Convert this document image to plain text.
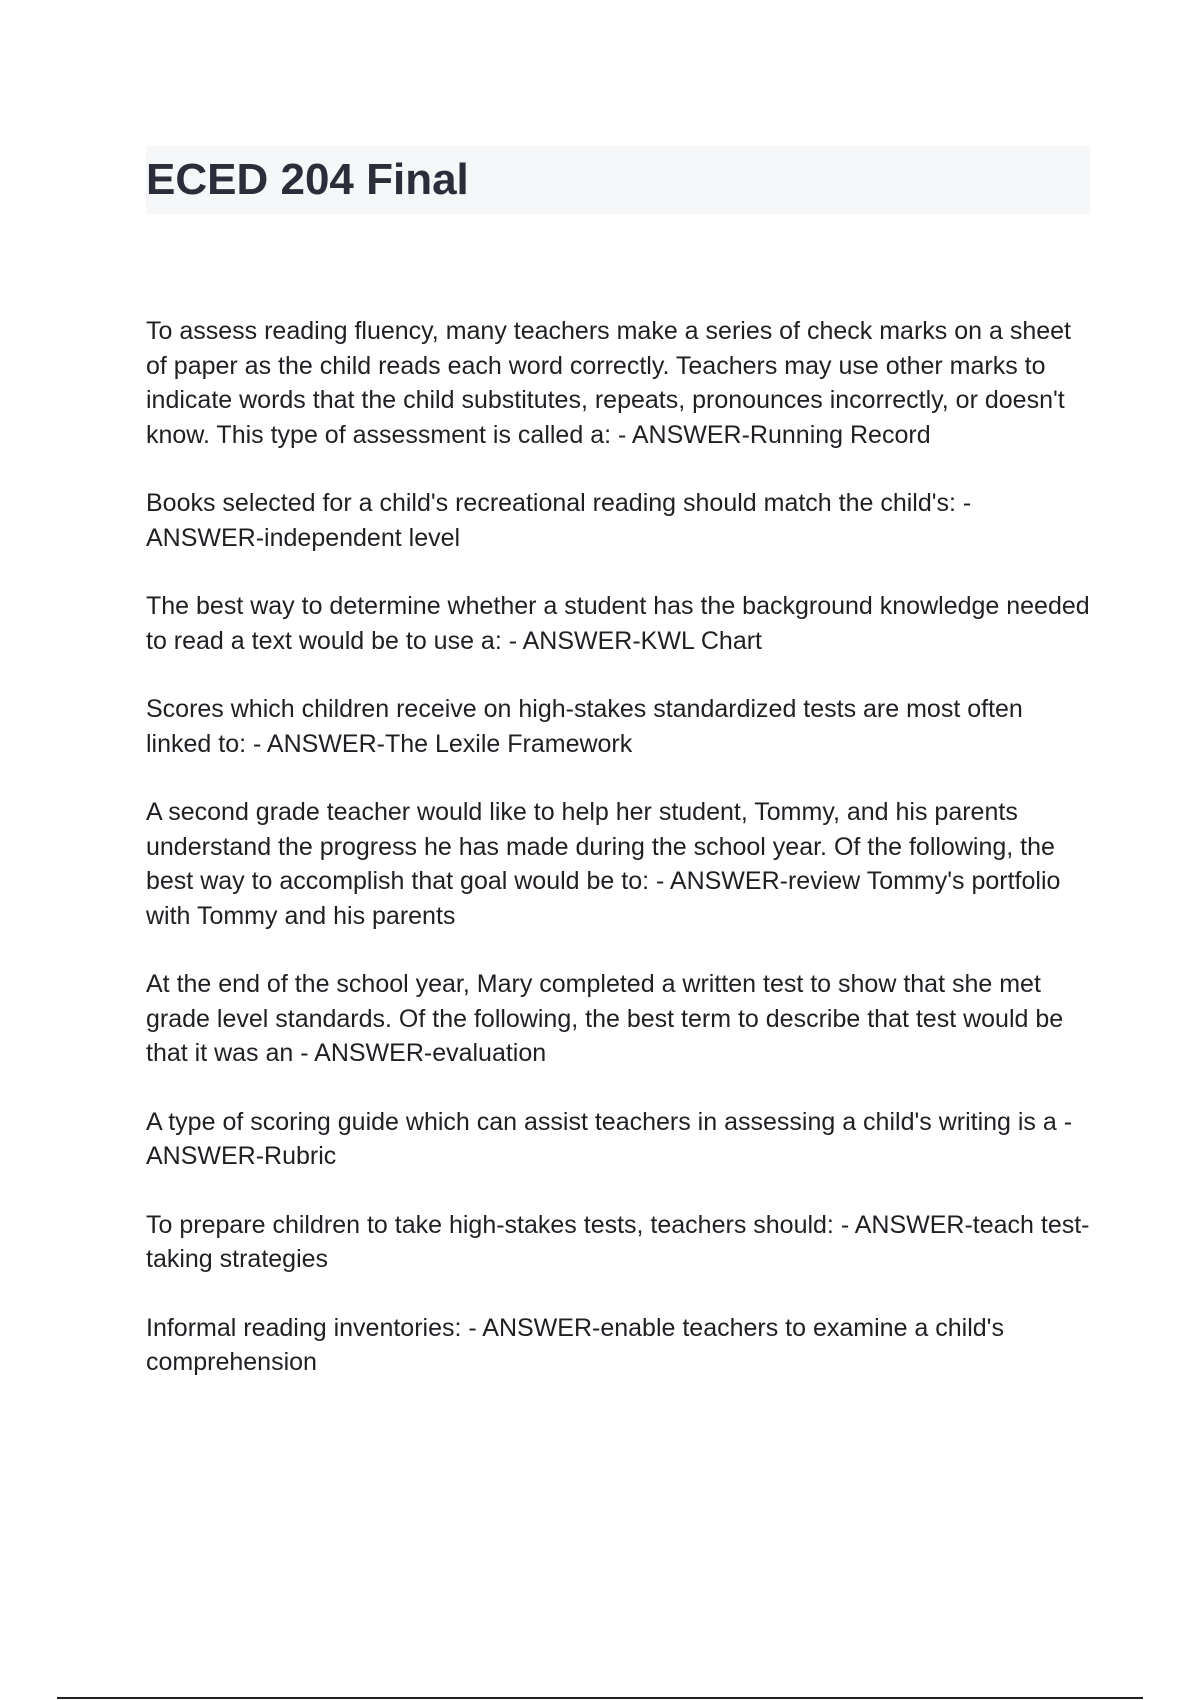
ECED 204 Final

To assess reading fluency, many teachers make a series of check marks on a sheet of paper as the child reads each word correctly. Teachers may use other marks to indicate words that the child substitutes, repeats, pronounces incorrectly, or doesn't know. This type of assessment is called a: - ANSWER-Running Record

Books selected for a child's recreational reading should match the child's: - ANSWER-independent level

The best way to determine whether a student has the background knowledge needed to read a text would be to use a: - ANSWER-KWL Chart

Scores which children receive on high-stakes standardized tests are most often linked to: - ANSWER-The Lexile Framework

A second grade teacher would like to help her student, Tommy, and his parents understand the progress he has made during the school year. Of the following, the best way to accomplish that goal would be to: - ANSWER-review Tommy's portfolio with Tommy and his parents

At the end of the school year, Mary completed a written test to show that she met grade level standards. Of the following, the best term to describe that test would be that it was an - ANSWER-evaluation

A type of scoring guide which can assist teachers in assessing a child's writing is a - ANSWER-Rubric

To prepare children to take high-stakes tests, teachers should: - ANSWER-teach test-taking strategies

Informal reading inventories: - ANSWER-enable teachers to examine a child's comprehension
